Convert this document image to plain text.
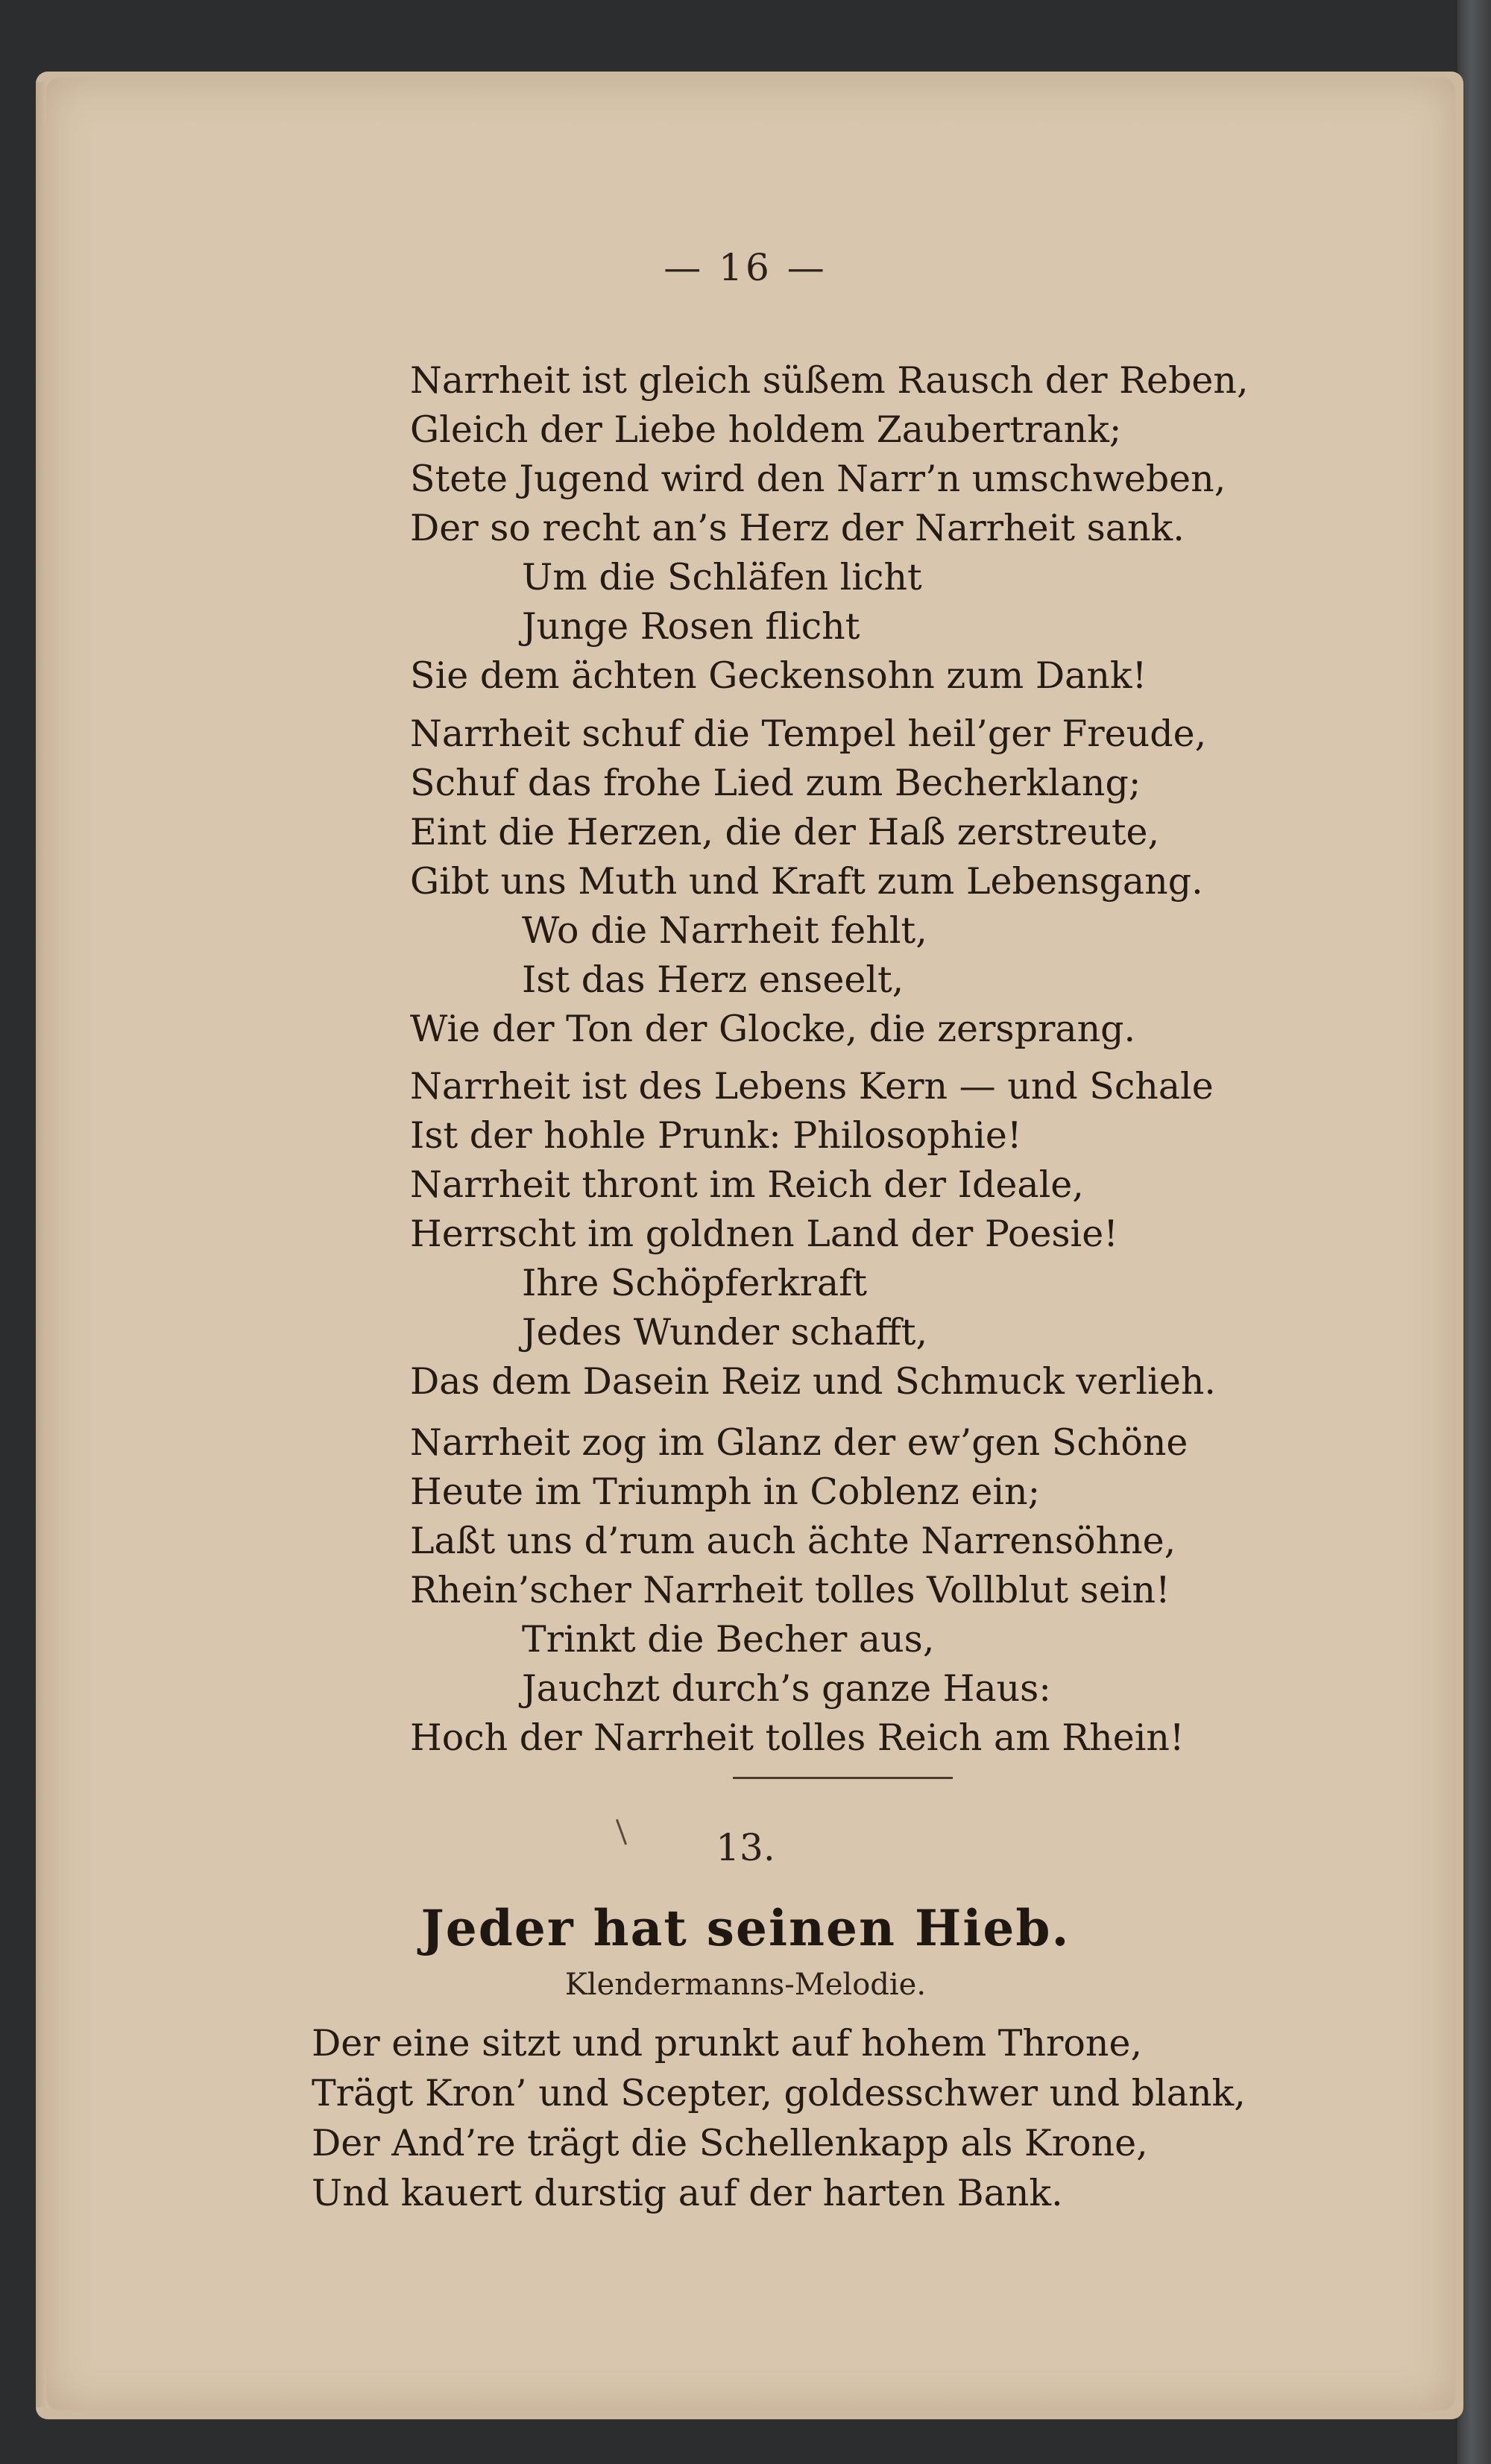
— 16 —

Narrheit ist gleich süßem Rausch der Reben,

Gleich der Liebe holdem Zaubertrank;

Stete Jugend wird den Narr’n umschweben,

Der so recht an’s Herz der Narrheit sank.

Um die Schläfen licht

Junge Rosen flicht

Sie dem ächten Geckensohn zum Dank!

Narrheit schuf die Tempel heil’ger Freude,

Schuf das frohe Lied zum Becherklang;

Eint die Herzen, die der Haß zerstreute,

Gibt uns Muth und Kraft zum Lebensgang.

Wo die Narrheit fehlt,

Ist das Herz enseelt,

Wie der Ton der Glocke, die zersprang.

Narrheit ist des Lebens Kern — und Schale

Ist der hohle Prunk: Philosophie!

Narrheit thront im Reich der Ideale,

Herrscht im goldnen Land der Poesie!

Ihre Schöpferkraft

Jedes Wunder schafft,

Das dem Dasein Reiz und Schmuck verlieh.

Narrheit zog im Glanz der ew’gen Schöne

Heute im Triumph in Coblenz ein;

Laßt uns d’rum auch ächte Narrensöhne,

Rhein’scher Narrheit tolles Vollblut sein!

Trinkt die Becher aus,

Jauchzt durch’s ganze Haus:

Hoch der Narrheit tolles Reich am Rhein!

13.
Jeder hat seinen Hieb.
Klendermanns-Melodie.

Der eine sitzt und prunkt auf hohem Throne,

Trägt Kron’ und Scepter, goldesschwer und blank,

Der And’re trägt die Schellenkapp als Krone,

Und kauert durstig auf der harten Bank.
